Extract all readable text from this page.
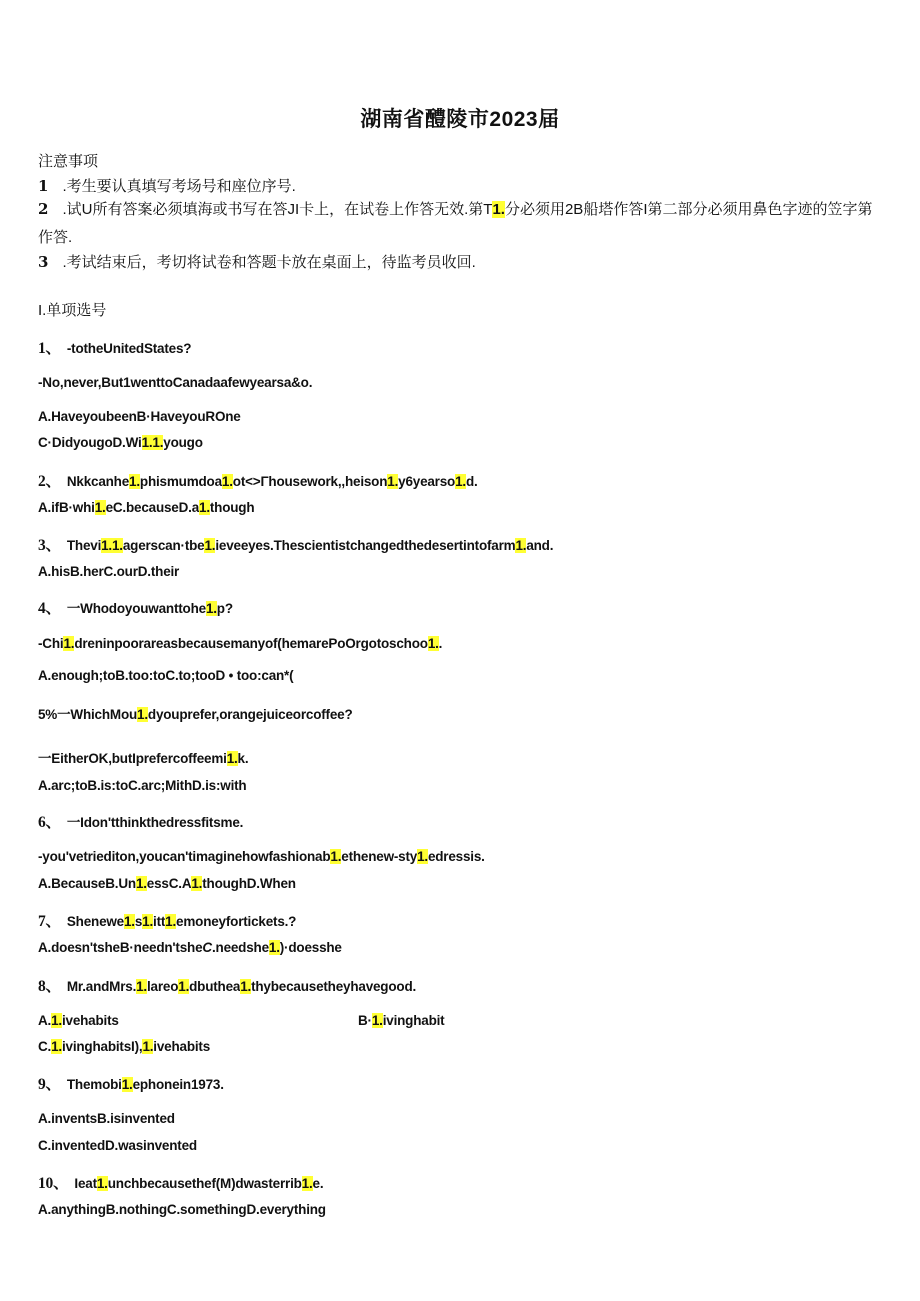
湖南省醴陵市2023届
注意事项
1 .考生要认真填写考场号和座位序号.
2 .试U所有答案必须填海或书写在答JI卡上，在试卷上作答无效.第T1.分必须用2B船塔作答I第二部分必须用鼻色字迹的笠字第作答.
3 .考试结束后，考切将试卷和答题卡放在桌面上，待监考员收回.
I.单项选号
1、 -totheUnitedStates?
-No,never,But1wenttoCanadaafewyearsa&o.
A.HaveyoubeenB·HaveyouROne
C·DidyougoD.Wi1.1.yougo
2、 Nkkcanhe1.phismumdoa1.ot<>Γhousework,,heison1.y6yearso1.d.
A.ifB·whi1.eC.becauseD.a1.though
3、 Thevi1.1.agerscan·tbe1.ieveeyes.Thescientistchangedthedesertintofarm1.and.
A.hisB.herC.ourD.their
4、 一Whodoyouwanttohe1.p?
-Chi1.dreninpoorareasbecausemanyof(hemarePoOrgotoschoo1..
A.enough;toB.too:toC.to;tooD • too:can*(
5%一WhichMou1.dyouprefer,orangejuiceorcoffee?
一EitherOK,butIprefercoffeemi1.k.
A.arc;toB.is:toC.arc;MithD.is:with
6、 一Idon'tthinkthedressfitsme.
-you'vetriediton,youcan'timaginehowfashionab1.ethenew-sty1.edressis.
A.BecauseB.Un1.essC.A1.thoughD.When
7、 Shenewe1.s1.itt1.emoneyfortickets.?
A.doesn'tsheB·needn'tsheC.needshe1.)·doesshe
8、 Mr.andMrs.1.lareo1.dbuthea1.thybecausetheyhavegood.
A.1.ivehabits	B·1.ivinghabit
C.1.ivinghabitsI),1.ivehabits
9、 Themobi1.ephonein1973.
A.inventsB.isinvented
C.inventedD.wasinvented
10、 Ieat1.unchbecausethef(M)dwasterrib1.e.
A.anythingB.nothingC.somethingD.everything
